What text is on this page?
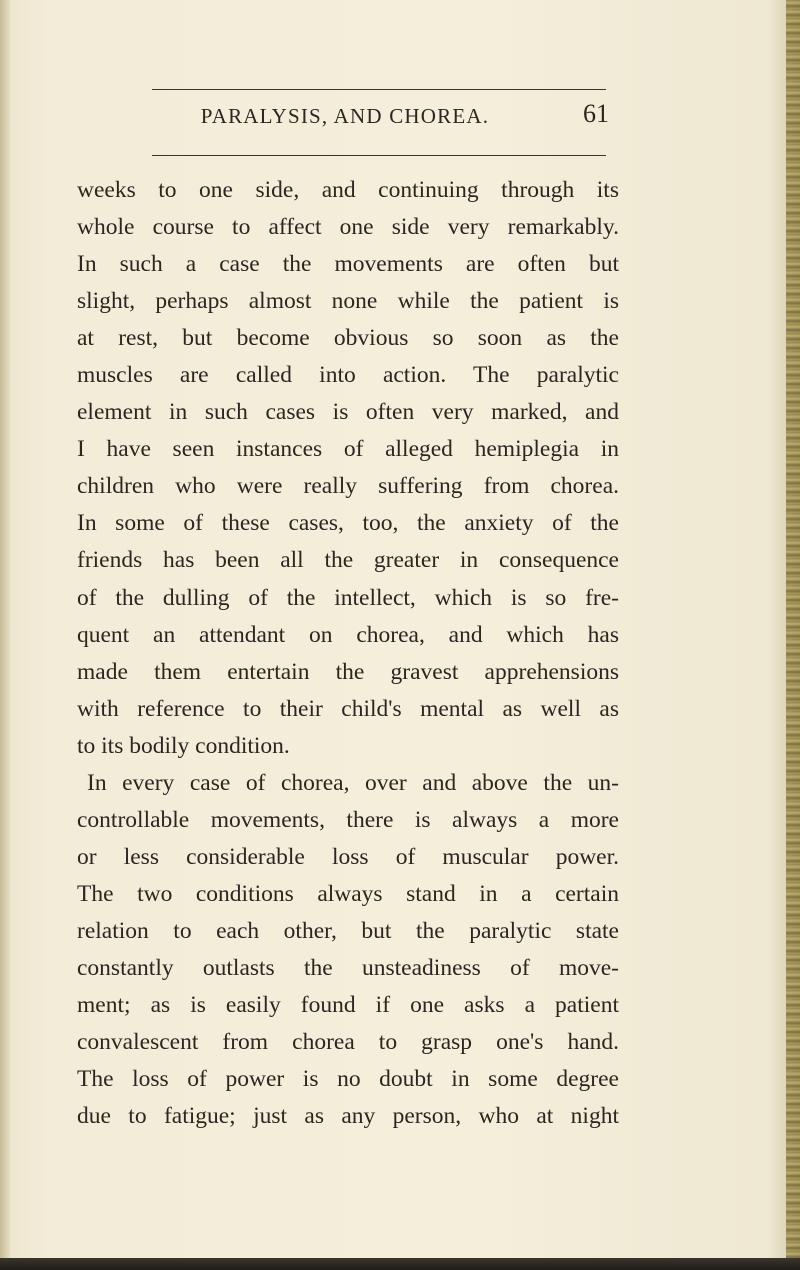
PARALYSIS, AND CHOREA.	61
weeks to one side, and continuing through its
whole course to affect one side very remarkably.
In such a case the movements are often but
slight, perhaps almost none while the patient is
at rest, but become obvious so soon as the
muscles are called into action. The paralytic
element in such cases is often very marked, and
I have seen instances of alleged hemiplegia in
children who were really suffering from chorea.
In some of these cases, too, the anxiety of the
friends has been all the greater in consequence
of the dulling of the intellect, which is so fre-
quent an attendant on chorea, and which has
made them entertain the gravest apprehensions
with reference to their child's mental as well as
to its bodily condition.
In every case of chorea, over and above the un-
controllable movements, there is always a more
or less considerable loss of muscular power.
The two conditions always stand in a certain
relation to each other, but the paralytic state
constantly outlasts the unsteadiness of move-
ment; as is easily found if one asks a patient
convalescent from chorea to grasp one's hand.
The loss of power is no doubt in some degree
due to fatigue; just as any person, who at night
